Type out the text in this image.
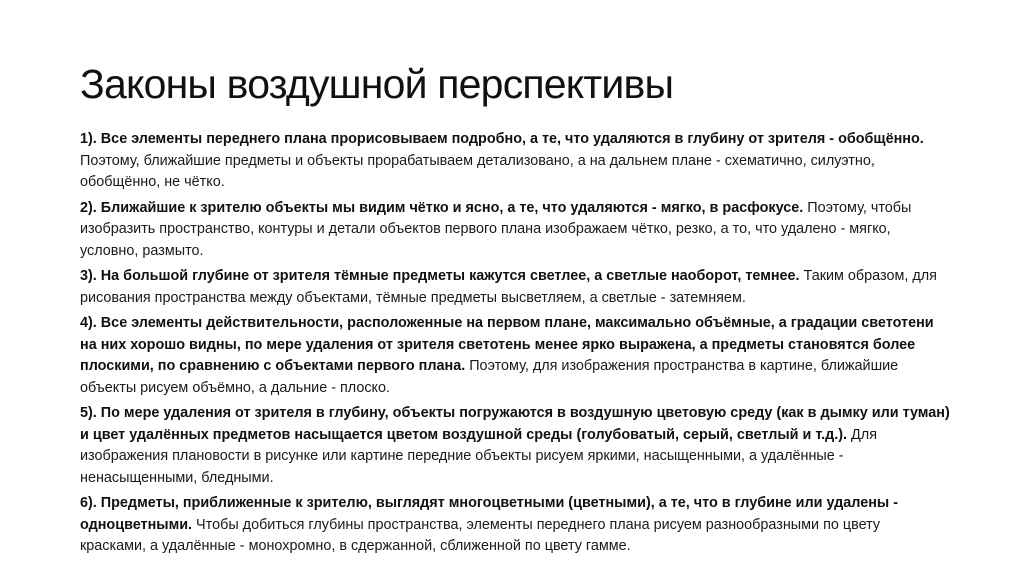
Законы воздушной перспективы

1). Все элементы переднего плана прорисовываем подробно, а те, что удаляются в глубину от зрителя - обобщённо. Поэтому, ближайшие предметы и объекты прорабатываем детализовано, а на дальнем плане - схематично, силуэтно, обобщённо, не чётко.

2). Ближайшие к зрителю объекты мы видим чётко и ясно, а те, что удаляются - мягко, в расфокусе. Поэтому, чтобы изобразить пространство, контуры и детали объектов первого плана изображаем чётко, резко, а то, что удалено - мягко, условно, размыто.

3). На большой глубине от зрителя тёмные предметы кажутся светлее, а светлые наоборот, темнее. Таким образом, для рисования пространства между объектами, тёмные предметы высветляем, а светлые - затемняем.

4). Все элементы действительности, расположенные на первом плане, максимально объёмные, а градации светотени на них хорошо видны, по мере удаления от зрителя светотень менее ярко выражена, а предметы становятся более плоскими, по сравнению с объектами первого плана. Поэтому, для изображения пространства в картине, ближайшие объекты рисуем объёмно, а дальние - плоско.

5). По мере удаления от зрителя в глубину, объекты погружаются в воздушную цветовую среду (как в дымку или туман) и цвет удалённых предметов насыщается цветом воздушной среды (голубоватый, серый, светлый и т.д.). Для изображения плановости в рисунке или картине передние объекты рисуем яркими, насыщенными, а удалённые - ненасыщенными, бледными.

6). Предметы, приближенные к зрителю, выглядят многоцветными (цветными), а те, что в глубине или удалены - одноцветными. Чтобы добиться глубины пространства, элементы переднего плана рисуем разнообразными по цвету красками, а удалённые - монохромно, в сдержанной, сближенной по цвету гамме.
